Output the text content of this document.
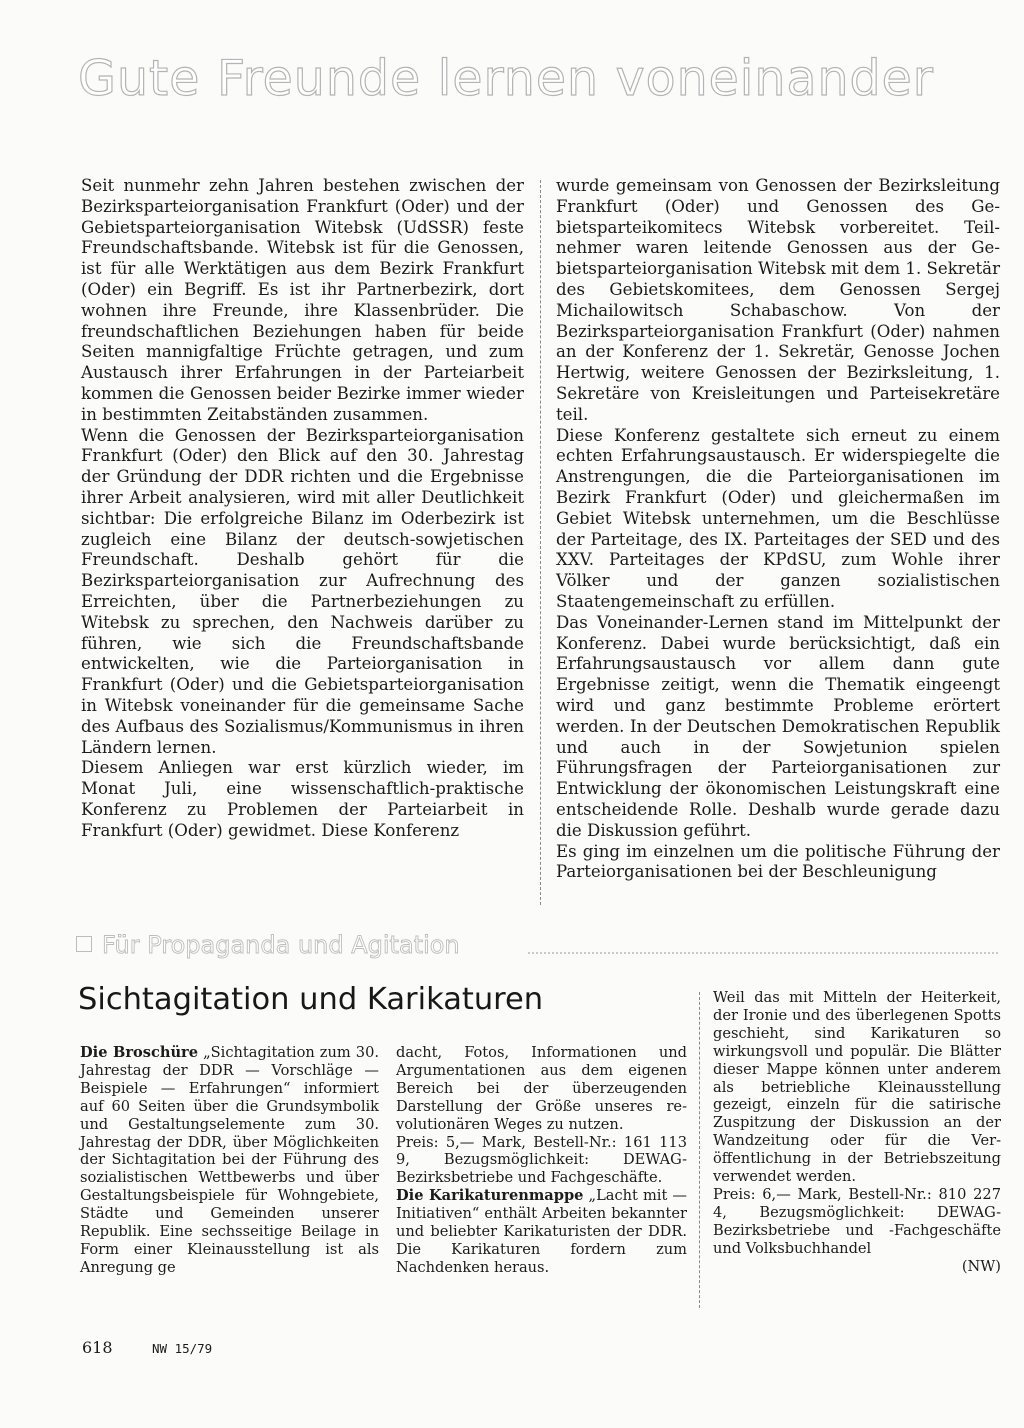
Gute Freunde lernen voneinander

Seit nunmehr zehn Jahren bestehen zwischen der Bezirksparteiorganisation Frankfurt (Oder) und der Gebietsparteiorganisation Witebsk (UdSSR) feste Freundschaftsbande. Witebsk ist für die Genossen, ist für alle Werktätigen aus dem Bezirk Frankfurt (Oder) ein Begriff. Es ist ihr Partnerbezirk, dort wohnen ihre Freunde, ihre Klassenbrüder. Die freundschaftlichen Beziehungen haben für beide Seiten mannigfaltige Früchte getragen, und zum Austausch ihrer Erfahrungen in der Parteiarbeit kommen die Genossen beider Bezirke immer wieder in bestimmten Zeitabständen zusammen.

Wenn die Genossen der Bezirksparteiorganisation Frankfurt (Oder) den Blick auf den 30. Jahrestag der Gründung der DDR richten und die Ergebnisse ihrer Arbeit analysieren, wird mit aller Deutlichkeit sichtbar: Die erfolgreiche Bilanz im Oderbezirk ist zugleich eine Bilanz der deutsch-sowjetischen Freundschaft. Deshalb gehört für die Bezirksparteiorganisation zur Aufrechnung des Erreichten, über die Partnerbeziehungen zu Witebsk zu sprechen, den Nachweis darüber zu führen, wie sich die Freundschaftsbande entwickelten, wie die Parteiorganisation in Frankfurt (Oder) und die Gebietsparteiorganisation in Witebsk voneinander für die gemeinsame Sache des Aufbaus des Sozialismus/Kommunismus in ihren Ländern lernen.

Diesem Anliegen war erst kürzlich wieder, im Monat Juli, eine wissenschaftlich-praktische Konferenz zu Problemen der Parteiarbeit in Frankfurt (Oder) gewidmet. Diese Konferenz

wurde gemeinsam von Genossen der Bezirksleitung Frankfurt (Oder) und Genossen des Gebietsparteikomitecs Witebsk vorbereitet. Teilnehmer waren leitende Genossen aus der Gebietsparteiorganisation Witebsk mit dem 1. Sekretär des Gebietskomitees, dem Genossen Sergej Michailowitsch Schabaschow. Von der Bezirksparteiorganisation Frankfurt (Oder) nahmen an der Konferenz der 1. Sekretär, Genosse Jochen Hertwig, weitere Genossen der Bezirksleitung, 1. Sekretäre von Kreisleitungen und Parteisekretäre teil.

Diese Konferenz gestaltete sich erneut zu einem echten Erfahrungsaustausch. Er widerspiegelte die Anstrengungen, die die Parteiorganisationen im Bezirk Frankfurt (Oder) und gleichermaßen im Gebiet Witebsk unternehmen, um die Beschlüsse der Parteitage, des IX. Parteitages der SED und des XXV. Parteitages der KPdSU, zum Wohle ihrer Völker und der ganzen sozialistischen Staatengemeinschaft zu erfüllen.

Das Voneinander-Lernen stand im Mittelpunkt der Konferenz. Dabei wurde berücksichtigt, daß ein Erfahrungsaustausch vor allem dann gute Ergebnisse zeitigt, wenn die Thematik eingeengt wird und ganz bestimmte Probleme erörtert werden. In der Deutschen Demokratischen Republik und auch in der Sowjetunion spielen Führungsfragen der Parteiorganisationen zur Entwicklung der ökonomischen Leistungskraft eine entscheidende Rolle. Deshalb wurde gerade dazu die Diskussion geführt.

Es ging im einzelnen um die politische Führung der Parteiorganisationen bei der Beschleunigung

Für Propaganda und Agitation
Sichtagitation und Karikaturen

Die Broschüre „Sichtagitation zum 30. Jahrestag der DDR — Vorschläge — Beispiele — Erfahrungen“ informiert auf 60 Seiten über die Grundsymbolik und Gestaltungselemente zum 30. Jahrestag der DDR, über Möglichkeiten der Sichtagitation bei der Führung des sozialistischen Wettbewerbs und über Gestaltungsbeispiele für Wohngebiete, Städte und Gemeinden unserer Republik. Eine sechsseitige Beilage in Form einer Kleinausstellung ist als Anregung ge

dacht, Fotos, Informationen und Argumentationen aus dem eigenen Bereich bei der überzeugenden Darstellung der Größe unseres revolutionären Weges zu nutzen.

Preis: 5,— Mark, Bestell-Nr.: 161 113 9, Bezugsmöglichkeit: DEWAG-Bezirksbetriebe und Fachgeschäfte.

Die Karikaturenmappe „Lacht mit — Initiativen“ enthält Arbeiten bekannter und beliebter Karikaturisten der DDR. Die Karikaturen fordern zum Nachdenken heraus.

Weil das mit Mitteln der Heiterkeit, der Ironie und des überlegenen Spotts geschieht, sind Karikaturen so wirkungsvoll und populär. Die Blätter dieser Mappe können unter anderem als betriebliche Kleinausstellung gezeigt, einzeln für die satirische Zuspitzung der Diskussion an der Wandzeitung oder für die Veröffentlichung in der Betriebszeitung verwendet werden.

Preis: 6,— Mark, Bestell-Nr.: 810 227 4, Bezugsmöglichkeit: DEWAG-Bezirksbetriebe und -Fachgeschäfte und Volksbuchhandel

(NW)
618	NW 15/79
